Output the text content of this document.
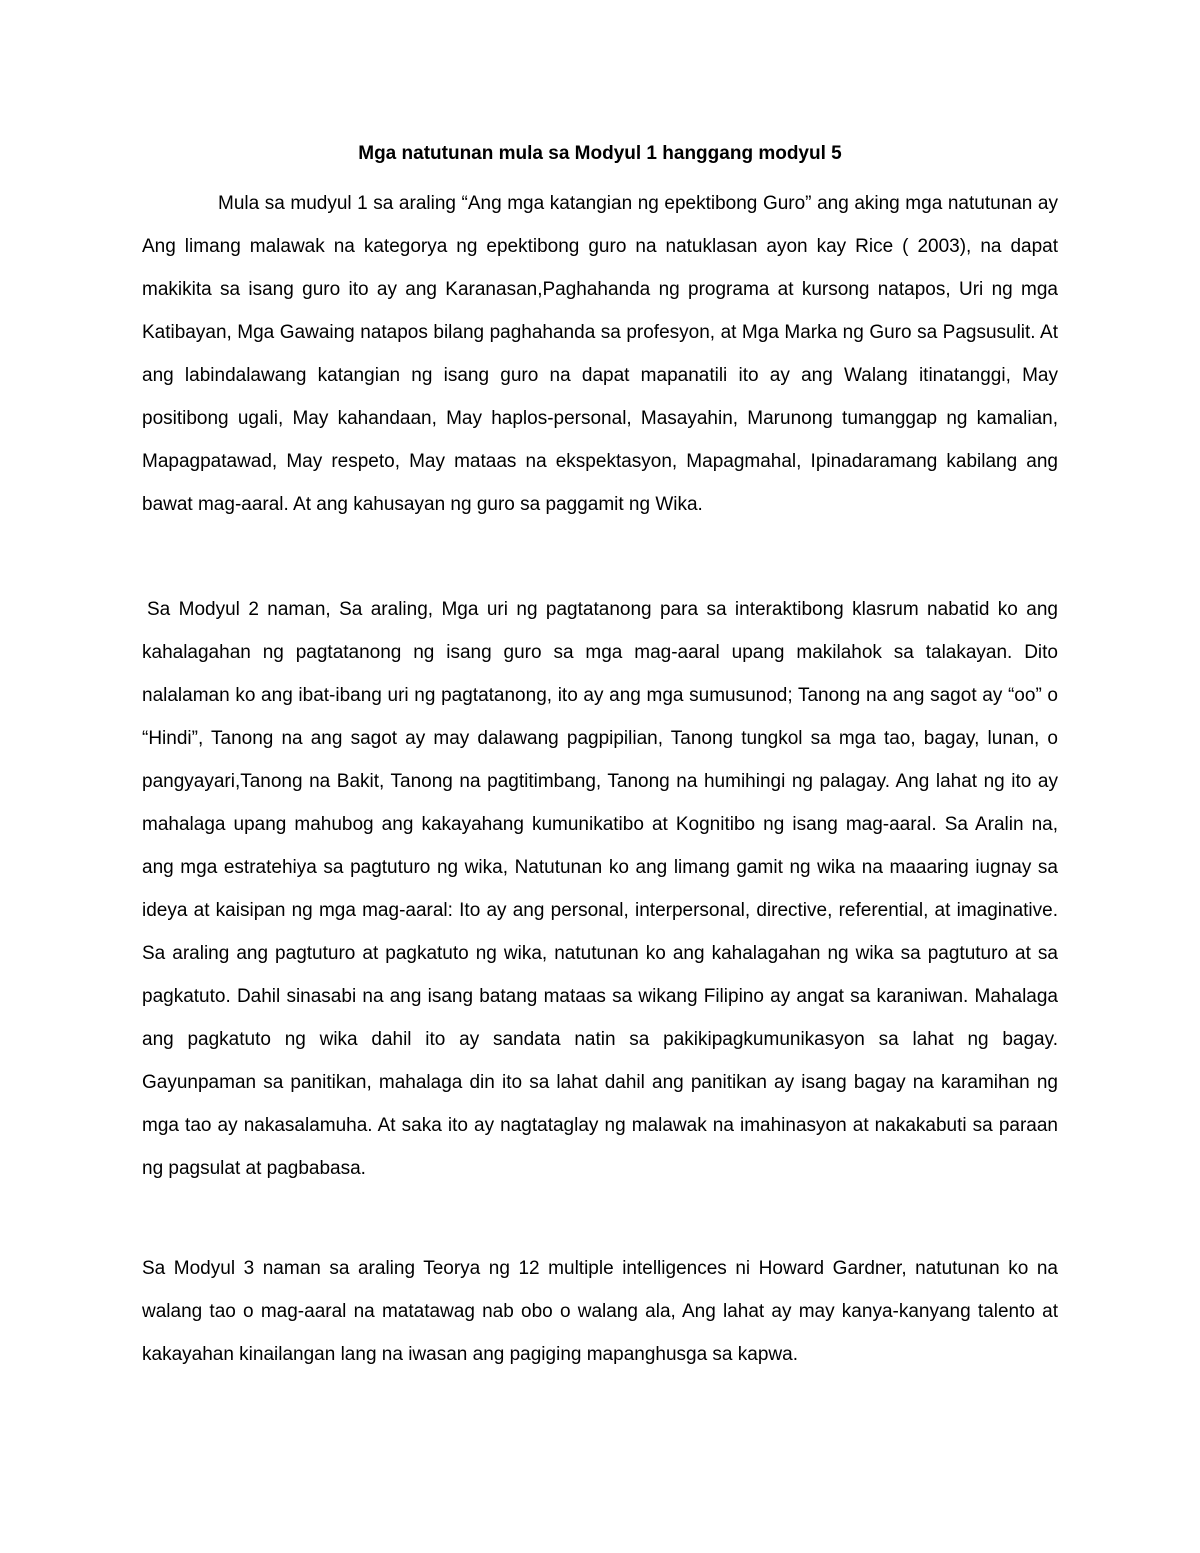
Mga natutunan mula sa Modyul 1 hanggang modyul 5

Mula sa mudyul 1 sa araling “Ang mga katangian ng epektibong Guro” ang aking mga natutunan ay Ang limang malawak na kategorya ng epektibong guro na natuklasan ayon kay Rice ( 2003), na dapat makikita sa isang guro ito ay ang Karanasan,Paghahanda ng programa at kursong natapos, Uri ng mga Katibayan, Mga Gawaing natapos bilang paghahanda sa profesyon, at Mga Marka ng Guro sa Pagsusulit. At ang labindalawang katangian ng isang guro na dapat mapanatili ito ay ang Walang itinatanggi, May positibong ugali, May kahandaan, May haplos-personal, Masayahin, Marunong tumanggap ng kamalian, Mapagpatawad, May respeto, May mataas na ekspektasyon, Mapagmahal, Ipinadaramang kabilang ang bawat mag-aaral. At ang kahusayan ng guro sa paggamit ng Wika.

Sa Modyul 2 naman, Sa araling, Mga uri ng pagtatanong para sa interaktibong klasrum nabatid ko ang kahalagahan ng pagtatanong ng isang guro sa mga mag-aaral upang makilahok sa talakayan. Dito nalalaman ko ang ibat-ibang uri ng pagtatanong, ito ay ang mga sumusunod; Tanong na ang sagot ay “oo” o “Hindi”, Tanong na ang sagot ay may dalawang pagpipilian, Tanong tungkol sa mga tao, bagay, lunan, o pangyayari,Tanong na Bakit, Tanong na pagtitimbang, Tanong na humihingi ng palagay. Ang lahat ng ito ay mahalaga upang mahubog ang kakayahang kumunikatibo at Kognitibo ng isang mag-aaral. Sa Aralin na, ang mga estratehiya sa pagtuturo ng wika, Natutunan ko ang limang gamit ng wika na maaaring iugnay sa ideya at kaisipan ng mga mag-aaral: Ito ay ang personal, interpersonal, directive, referential, at imaginative. Sa araling ang pagtuturo at pagkatuto ng wika, natutunan ko ang kahalagahan ng wika sa pagtuturo at sa pagkatuto. Dahil sinasabi na ang isang batang mataas sa wikang Filipino ay angat sa karaniwan. Mahalaga ang pagkatuto ng wika dahil ito ay sandata natin sa pakikipagkumunikasyon sa lahat ng bagay. Gayunpaman sa panitikan, mahalaga din ito sa lahat dahil ang panitikan ay isang bagay na karamihan ng mga tao ay nakasalamuha. At saka ito ay nagtataglay ng malawak na imahinasyon at nakakabuti sa paraan ng pagsulat at pagbabasa.

Sa Modyul 3 naman sa araling Teorya ng 12 multiple intelligences ni Howard Gardner, natutunan ko na walang tao o mag-aaral na matatawag nab obo o walang ala, Ang lahat ay may kanya-kanyang talento at kakayahan kinailangan lang na iwasan ang pagiging mapanghusga sa kapwa.
